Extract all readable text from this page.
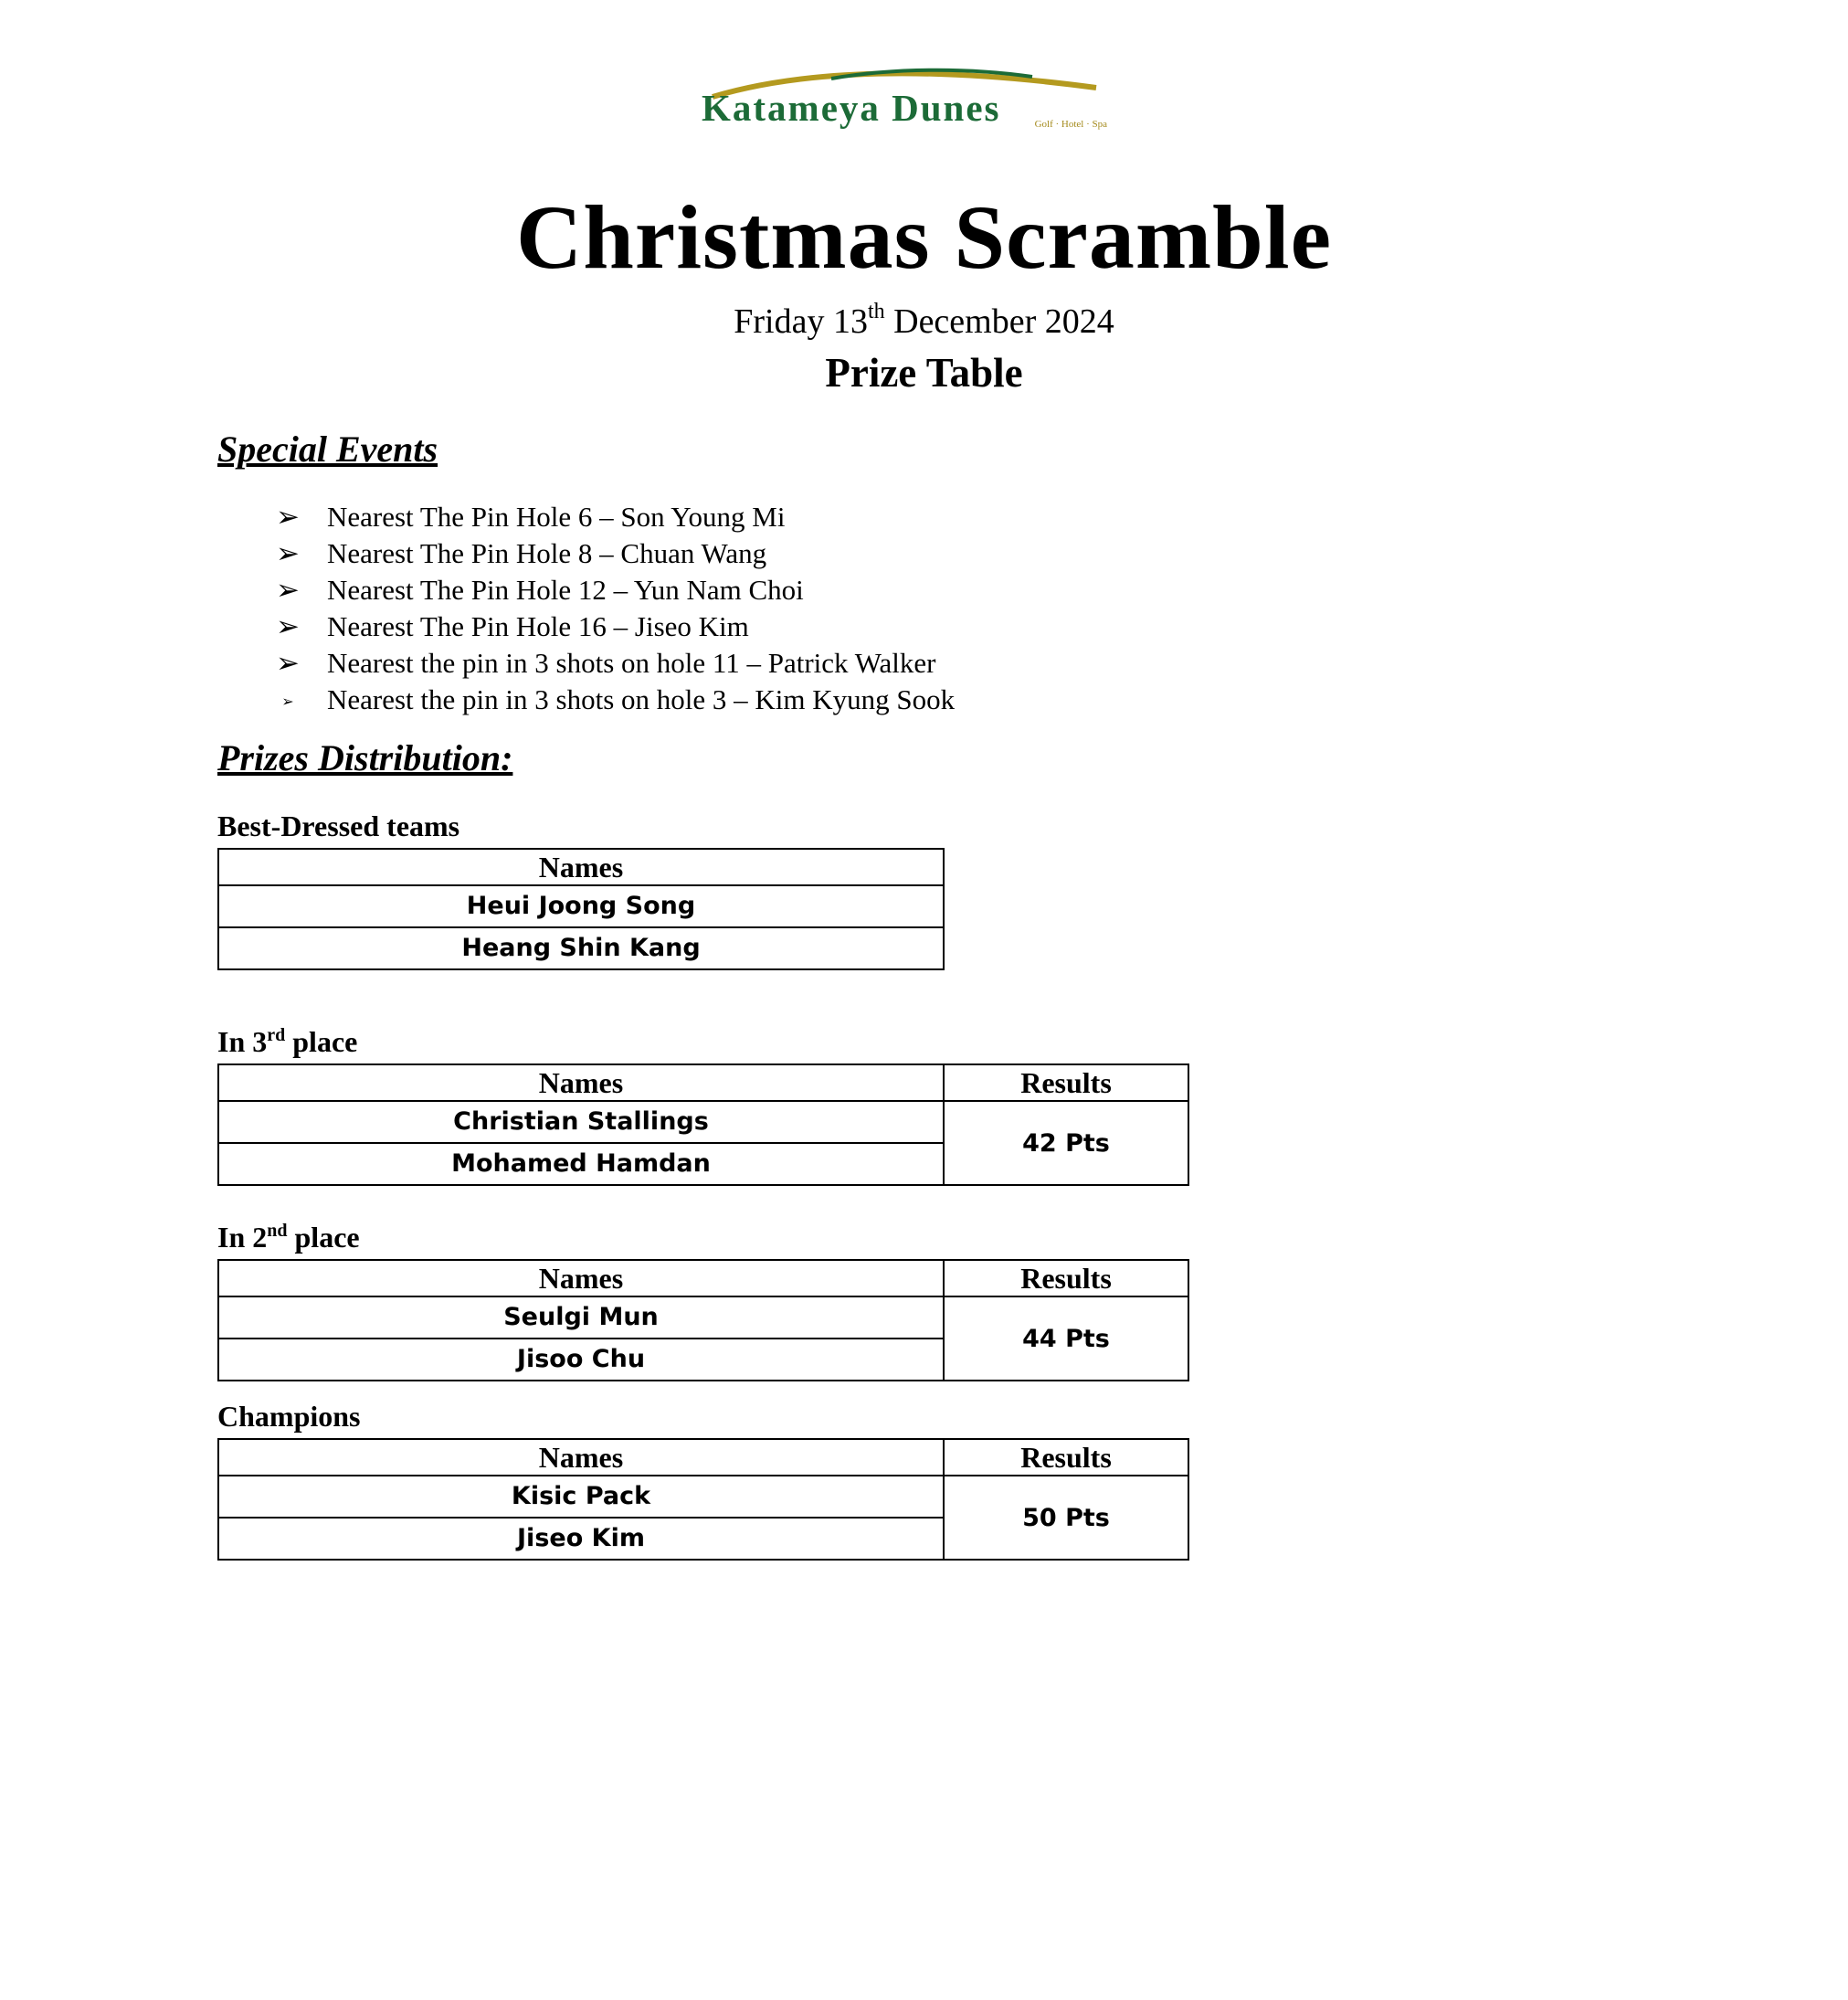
Katameya Dunes	Golf · Hotel · Spa
Christmas Scramble
Friday 13th December 2024
Prize Table
Special Events
➢ Nearest The Pin Hole 6 – Son Young Mi
➢ Nearest The Pin Hole 8 – Chuan Wang
➢ Nearest The Pin Hole 12 – Yun Nam Choi
➢ Nearest The Pin Hole 16 – Jiseo Kim
➢ Nearest the pin in 3 shots on hole 11 – Patrick Walker
➢ Nearest the pin in 3 shots on hole 3 – Kim Kyung Sook
Prizes Distribution:
Best-Dressed teams
Names
Heui Joong Song
Heang Shin Kang
In 3rd place
Names	Results
Christian Stallings	42 Pts
Mohamed Hamdan	
In 2nd place
Names	Results
Seulgi Mun	44 Pts
Jisoo Chu	
Champions
Names	Results
Kisic Pack	50 Pts
Jiseo Kim	
